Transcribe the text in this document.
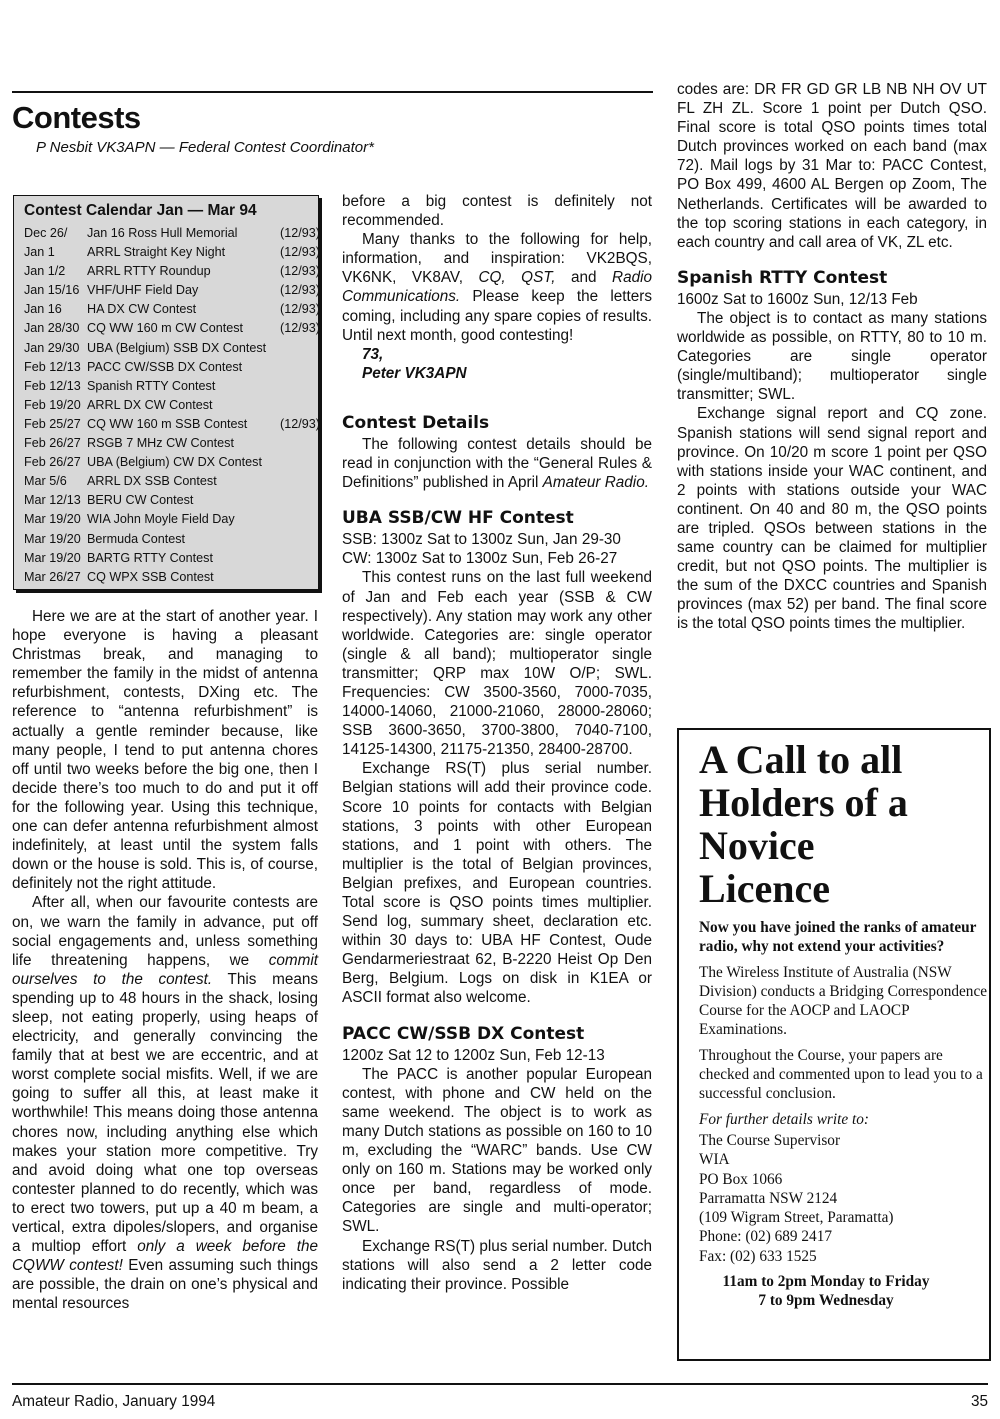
Contests
P Nesbit VK3APN — Federal Contest Coordinator*
Contest Calendar Jan — Mar 94
Dec 26/	Jan 16 Ross Hull Memorial	(12/93)
Jan 1	ARRL Straight Key Night	(12/93)
Jan 1/2	ARRL RTTY Roundup	(12/93)
Jan 15/16 VHF/UHF Field Day	(12/93)
Jan 16	HA DX CW Contest	(12/93)
Jan 28/30 CQ WW 160 m CW Contest	(12/93)
Jan 29/30 UBA (Belgium) SSB DX Contest
Feb 12/13 PACC CW/SSB DX Contest
Feb 12/13 Spanish RTTY Contest
Feb 19/20 ARRL DX CW Contest
Feb 25/27 CQ WW 160 m SSB Contest	(12/93)
Feb 26/27 RSGB 7 MHz CW Contest
Feb 26/27 UBA (Belgium) CW DX Contest
Mar 5/6	ARRL DX SSB Contest
Mar 12/13 BERU CW Contest
Mar 19/20 WIA John Moyle Field Day
Mar 19/20 Bermuda Contest
Mar 19/20 BARTG RTTY Contest
Mar 26/27 CQ WPX SSB Contest

Here we are at the start of another year. I hope everyone is having a pleasant Christmas break, and managing to remember the family in the midst of antenna refurbishment, contests, DXing etc. The reference to “antenna refurbishment” is actually a gentle reminder because, like many people, I tend to put antenna chores off until two weeks before the big one, then I decide there’s too much to do and put it off for the following year. Using this technique, one can defer antenna refurbishment almost indefinitely, at least until the system falls down or the house is sold. This is, of course, definitely not the right attitude.

After all, when our favourite contests are on, we warn the family in advance, put off social engagements and, unless something life threatening happens, we commit ourselves to the contest. This means spending up to 48 hours in the shack, losing sleep, not eating properly, using heaps of electricity, and generally convincing the family that at best we are eccentric, and at worst complete social misfits. Well, if we are going to suffer all this, at least make it worthwhile! This means doing those antenna chores now, including anything else which makes your station more competitive. Try and avoid doing what one top overseas contester planned to do recently, which was to erect two towers, put up a 40 m beam, a vertical, extra dipoles/slopers, and organise a multiop effort only a week before the CQWW contest! Even assuming such things are possible, the drain on one’s physical and mental resources

before a big contest is definitely not recommended.

Many thanks to the following for help, information, and inspiration: VK2BQS, VK6NK, VK8AV, CQ, QST, and Radio Communications. Please keep the letters coming, including any spare copies of results. Until next month, good contesting!

73,

Peter VK3APN

Contest Details

The following contest details should be read in conjunction with the “General Rules & Definitions” published in April Amateur Radio.

UBA SSB/CW HF Contest

SSB: 1300z Sat to 1300z Sun, Jan 29-30

CW: 1300z Sat to 1300z Sun, Feb 26-27

This contest runs on the last full weekend of Jan and Feb each year (SSB & CW respectively). Any station may work any other worldwide. Categories are: single operator (single & all band); multioperator single transmitter; QRP max 10W O/P; SWL. Frequencies: CW 3500-3560, 7000-7035, 14000-14060, 21000-21060, 28000-28060; SSB 3600-3650, 3700-3800, 7040-7100, 14125-14300, 21175-21350, 28400-28700.

Exchange RS(T) plus serial number. Belgian stations will add their province code. Score 10 points for contacts with Belgian stations, 3 points with other European stations, and 1 point with others. The multiplier is the total of Belgian provinces, Belgian prefixes, and European countries. Total score is QSO points times multiplier. Send log, summary sheet, declaration etc. within 30 days to: UBA HF Contest, Oude Gendarmeriestraat 62, B-2220 Heist Op Den Berg, Belgium. Logs on disk in K1EA or ASCII format also welcome.

PACC CW/SSB DX Contest

1200z Sat 12 to 1200z Sun, Feb 12-13

The PACC is another popular European contest, with phone and CW held on the same weekend. The object is to work as many Dutch stations as possible on 160 to 10 m, excluding the “WARC” bands. Use CW only on 160 m. Stations may be worked only once per band, regardless of mode. Categories are single and multi-operator; SWL.

Exchange RS(T) plus serial number. Dutch stations will also send a 2 letter code indicating their province. Possible

codes are: DR FR GD GR LB NB NH OV UT FL ZH ZL. Score 1 point per Dutch QSO. Final score is total QSO points times total Dutch provinces worked on each band (max 72). Mail logs by 31 Mar to: PACC Contest, PO Box 499, 4600 AL Bergen op Zoom, The Netherlands. Certificates will be awarded to the top scoring stations in each category, in each country and call area of VK, ZL etc.

Spanish RTTY Contest

1600z Sat to 1600z Sun, 12/13 Feb

The object is to contact as many stations worldwide as possible, on RTTY, 80 to 10 m. Categories are single operator (single/multiband); multioperator single transmitter; SWL.

Exchange signal report and CQ zone. Spanish stations will send signal report and province. On 10/20 m score 1 point per QSO with stations inside your WAC continent, and 2 points with stations outside your WAC continent. On 40 and 80 m, the QSO points are tripled. QSOs between stations in the same country can be claimed for multiplier credit, but not QSO points. The multiplier is the sum of the DXCC countries and Spanish provinces (max 52) per band. The final score is the total QSO points times the multiplier.

A Call to all
Holders of a
Novice
Licence

Now you have joined the ranks of amateur radio, why not extend your activities?

The Wireless Institute of Australia (NSW Division) conducts a Bridging Correspondence Course for the AOCP and LAOCP Examinations.

Throughout the Course, your papers are checked and commented upon to lead you to a successful conclusion.

For further details write to:

The Course Supervisor
WIA
PO Box 1066
Parramatta NSW 2124
(109 Wigram Street, Paramatta)
Phone: (02) 689 2417
Fax: (02) 633 1525
11am to 2pm Monday to Friday
7 to 9pm Wednesday
Amateur Radio, January 1994	35
